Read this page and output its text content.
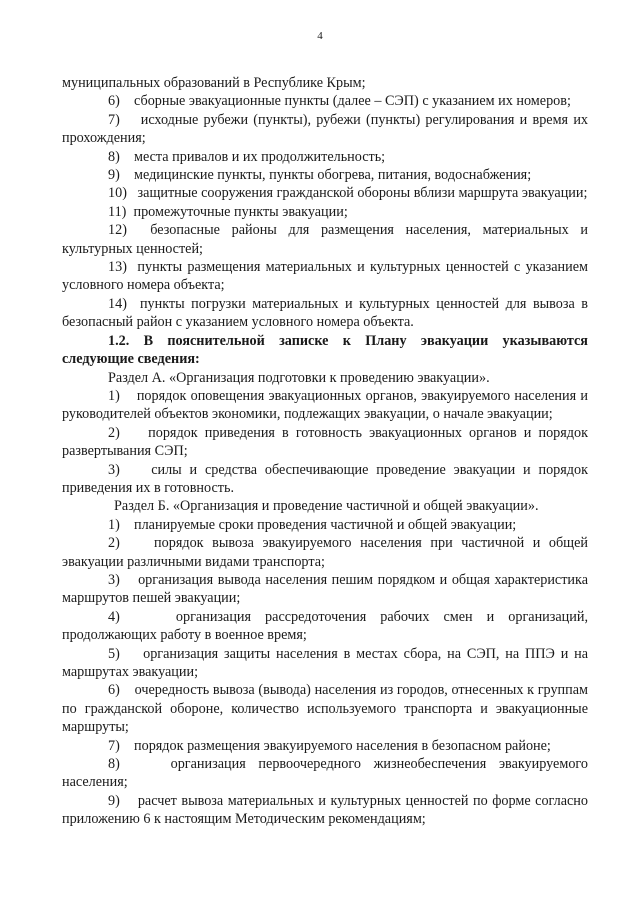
4

муниципальных образований в Республике Крым;

6)    сборные эвакуационные пункты (далее – СЭП) с указанием их номеров;

7)    исходные рубежи (пункты), рубежи (пункты) регулирования и время их прохождения;

8)    места привалов и их продолжительность;

9)    медицинские пункты, пункты обогрева, питания, водоснабжения;

10)   защитные сооружения гражданской обороны вблизи маршрута эвакуации;

11)  промежуточные пункты эвакуации;

12)  безопасные районы для размещения населения, материальных и культурных ценностей;

13)  пункты размещения материальных и культурных ценностей с указанием условного номера объекта;

14)  пункты погрузки материальных и культурных ценностей для вывоза в безопасный район с указанием условного номера объекта.

1.2. В пояснительной записке к Плану эвакуации указываются следующие сведения:

Раздел А. «Организация подготовки к проведению эвакуации».

1)    порядок оповещения эвакуационных органов, эвакуируемого населения и руководителей объектов экономики, подлежащих эвакуации, о начале эвакуации;

2)    порядок приведения в готовность эвакуационных органов и порядок развертывания СЭП;

3)    силы и средства обеспечивающие проведение эвакуации и порядок приведения их в готовность.

Раздел Б. «Организация и проведение частичной и общей эвакуации».

1)    планируемые сроки проведения частичной и общей эвакуации;

2)    порядок вывоза эвакуируемого населения при частичной и общей эвакуации различными видами транспорта;

3)    организация вывода населения пешим порядком и общая характеристика маршрутов пешей эвакуации;

4)    организация рассредоточения рабочих смен и организаций, продолжающих работу в военное время;

5)    организация защиты населения в местах сбора, на СЭП, на ППЭ и на маршрутах эвакуации;

6)    очередность вывоза (вывода) населения из городов, отнесенных к группам по гражданской обороне, количество используемого транспорта и эвакуационные маршруты;

7)    порядок размещения эвакуируемого населения в безопасном районе;

8)    организация первоочередного жизнеобеспечения эвакуируемого населения;

9)    расчет вывоза материальных и культурных ценностей по форме согласно приложению 6 к настоящим Методическим рекомендациям;
